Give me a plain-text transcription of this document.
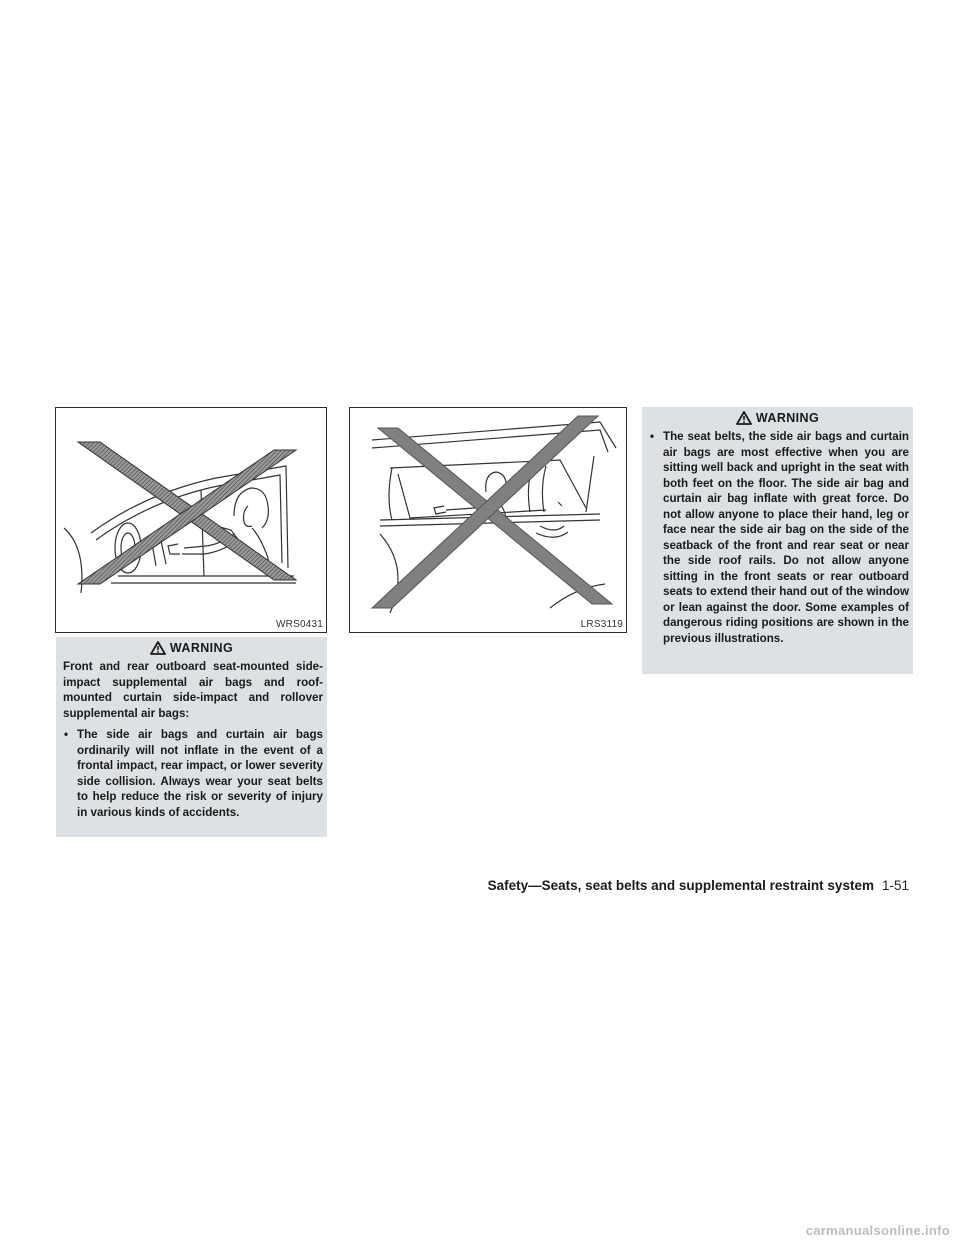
WRS0431	LRS3119
WARNING

Front and rear outboard seat-mounted side-impact supplemental air bags and roof-mounted curtain side-impact and rollover supplemental air bags:

• The side air bags and curtain air bags ordinarily will not inflate in the event of a frontal impact, rear impact, or lower severity side collision. Always wear your seat belts to help reduce the risk or severity of injury in various kinds of accidents.
WARNING
• The seat belts, the side air bags and curtain air bags are most effective when you are sitting well back and upright in the seat with both feet on the floor. The side air bag and curtain air bag inflate with great force. Do not allow anyone to place their hand, leg or face near the side air bag on the side of the seatback of the front and rear seat or near the side roof rails. Do not allow anyone sitting in the front seats or rear outboard seats to extend their hand out of the window or lean against the door. Some examples of dangerous riding positions are shown in the previous illustrations.
Safety—Seats, seat belts and supplemental restraint system 1-51
carmanualsonline.info
